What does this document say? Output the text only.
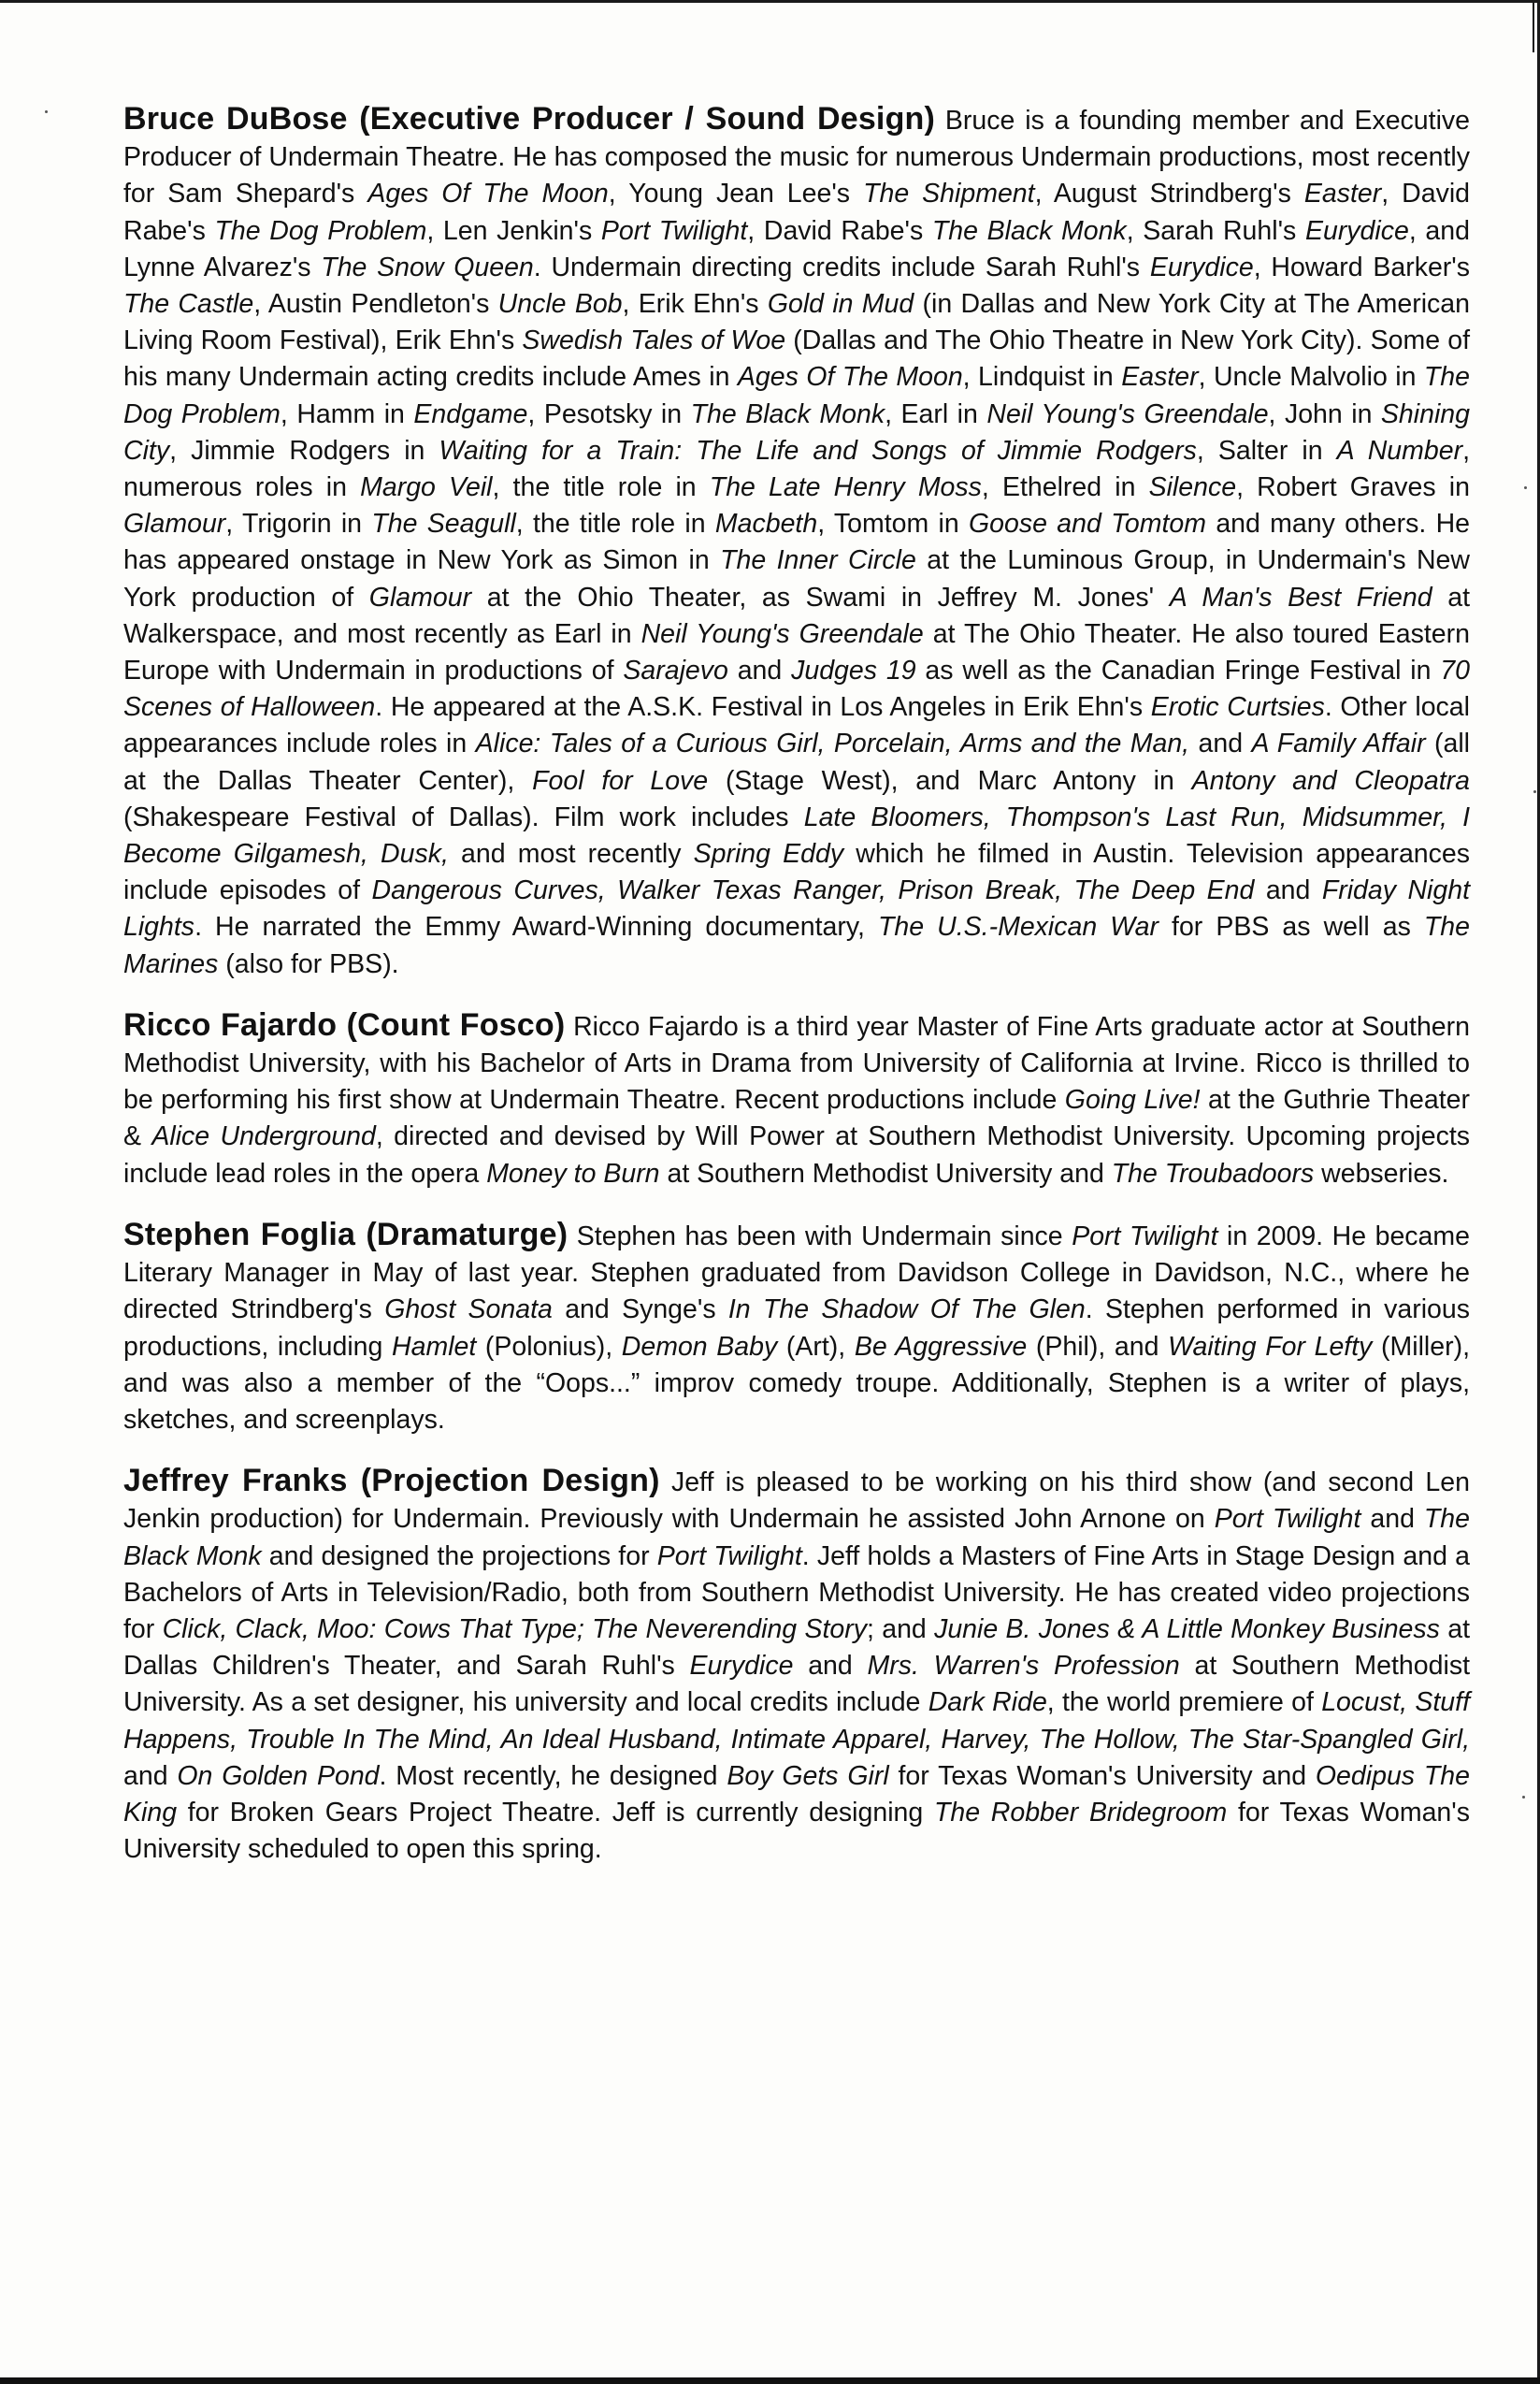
Bruce DuBose (Executive Producer / Sound Design) Bruce is a founding member and Executive Producer of Undermain Theatre. He has composed the music for numerous Undermain productions, most recently for Sam Shepard's Ages Of The Moon, Young Jean Lee's The Shipment, August Strindberg's Easter, David Rabe's The Dog Problem, Len Jenkin's Port Twilight, David Rabe's The Black Monk, Sarah Ruhl's Eurydice, and Lynne Alvarez's The Snow Queen. Undermain directing credits include Sarah Ruhl's Eurydice, Howard Barker's The Castle, Austin Pendleton's Uncle Bob, Erik Ehn's Gold in Mud (in Dallas and New York City at The American Living Room Festival), Erik Ehn's Swedish Tales of Woe (Dallas and The Ohio Theatre in New York City). Some of his many Undermain acting credits include Ames in Ages Of The Moon, Lindquist in Easter, Uncle Malvolio in The Dog Problem, Hamm in Endgame, Pesotsky in The Black Monk, Earl in Neil Young's Greendale, John in Shining City, Jimmie Rodgers in Waiting for a Train: The Life and Songs of Jimmie Rodgers, Salter in A Number, numerous roles in Margo Veil, the title role in The Late Henry Moss, Ethelred in Silence, Robert Graves in Glamour, Trigorin in The Seagull, the title role in Macbeth, Tomtom in Goose and Tomtom and many others. He has appeared onstage in New York as Simon in The Inner Circle at the Luminous Group, in Undermain's New York production of Glamour at the Ohio Theater, as Swami in Jeffrey M. Jones' A Man's Best Friend at Walkerspace, and most recently as Earl in Neil Young's Greendale at The Ohio Theater. He also toured Eastern Europe with Undermain in productions of Sarajevo and Judges 19 as well as the Canadian Fringe Festival in 70 Scenes of Halloween. He appeared at the A.S.K. Festival in Los Angeles in Erik Ehn's Erotic Curtsies. Other local appearances include roles in Alice: Tales of a Curious Girl, Porcelain, Arms and the Man, and A Family Affair (all at the Dallas Theater Center), Fool for Love (Stage West), and Marc Antony in Antony and Cleopatra (Shakespeare Festival of Dallas). Film work includes Late Bloomers, Thompson's Last Run, Midsummer, I Become Gilgamesh, Dusk, and most recently Spring Eddy which he filmed in Austin. Television appearances include episodes of Dangerous Curves, Walker Texas Ranger, Prison Break, The Deep End and Friday Night Lights. He narrated the Emmy Award-Winning documentary, The U.S.-Mexican War for PBS as well as The Marines (also for PBS).

Ricco Fajardo (Count Fosco) Ricco Fajardo is a third year Master of Fine Arts graduate actor at Southern Methodist University, with his Bachelor of Arts in Drama from University of California at Irvine. Ricco is thrilled to be performing his first show at Undermain Theatre. Recent productions include Going Live! at the Guthrie Theater & Alice Underground, directed and devised by Will Power at Southern Methodist University. Upcoming projects include lead roles in the opera Money to Burn at Southern Methodist University and The Troubadoors webseries.

Stephen Foglia (Dramaturge) Stephen has been with Undermain since Port Twilight in 2009. He became Literary Manager in May of last year. Stephen graduated from Davidson College in Davidson, N.C., where he directed Strindberg's Ghost Sonata and Synge's In The Shadow Of The Glen. Stephen performed in various productions, including Hamlet (Polonius), Demon Baby (Art), Be Aggressive (Phil), and Waiting For Lefty (Miller), and was also a member of the “Oops...” improv comedy troupe. Additionally, Stephen is a writer of plays, sketches, and screenplays.

Jeffrey Franks (Projection Design) Jeff is pleased to be working on his third show (and second Len Jenkin production) for Undermain. Previously with Undermain he assisted John Arnone on Port Twilight and The Black Monk and designed the projections for Port Twilight. Jeff holds a Masters of Fine Arts in Stage Design and a Bachelors of Arts in Television/Radio, both from Southern Methodist University. He has created video projections for Click, Clack, Moo: Cows That Type; The Neverending Story; and Junie B. Jones & A Little Monkey Business at Dallas Children's Theater, and Sarah Ruhl's Eurydice and Mrs. Warren's Profession at Southern Methodist University. As a set designer, his university and local credits include Dark Ride, the world premiere of Locust, Stuff Happens, Trouble In The Mind, An Ideal Husband, Intimate Apparel, Harvey, The Hollow, The Star-Spangled Girl, and On Golden Pond. Most recently, he designed Boy Gets Girl for Texas Woman's University and Oedipus The King for Broken Gears Project Theatre. Jeff is currently designing The Robber Bridegroom for Texas Woman's University scheduled to open this spring.
